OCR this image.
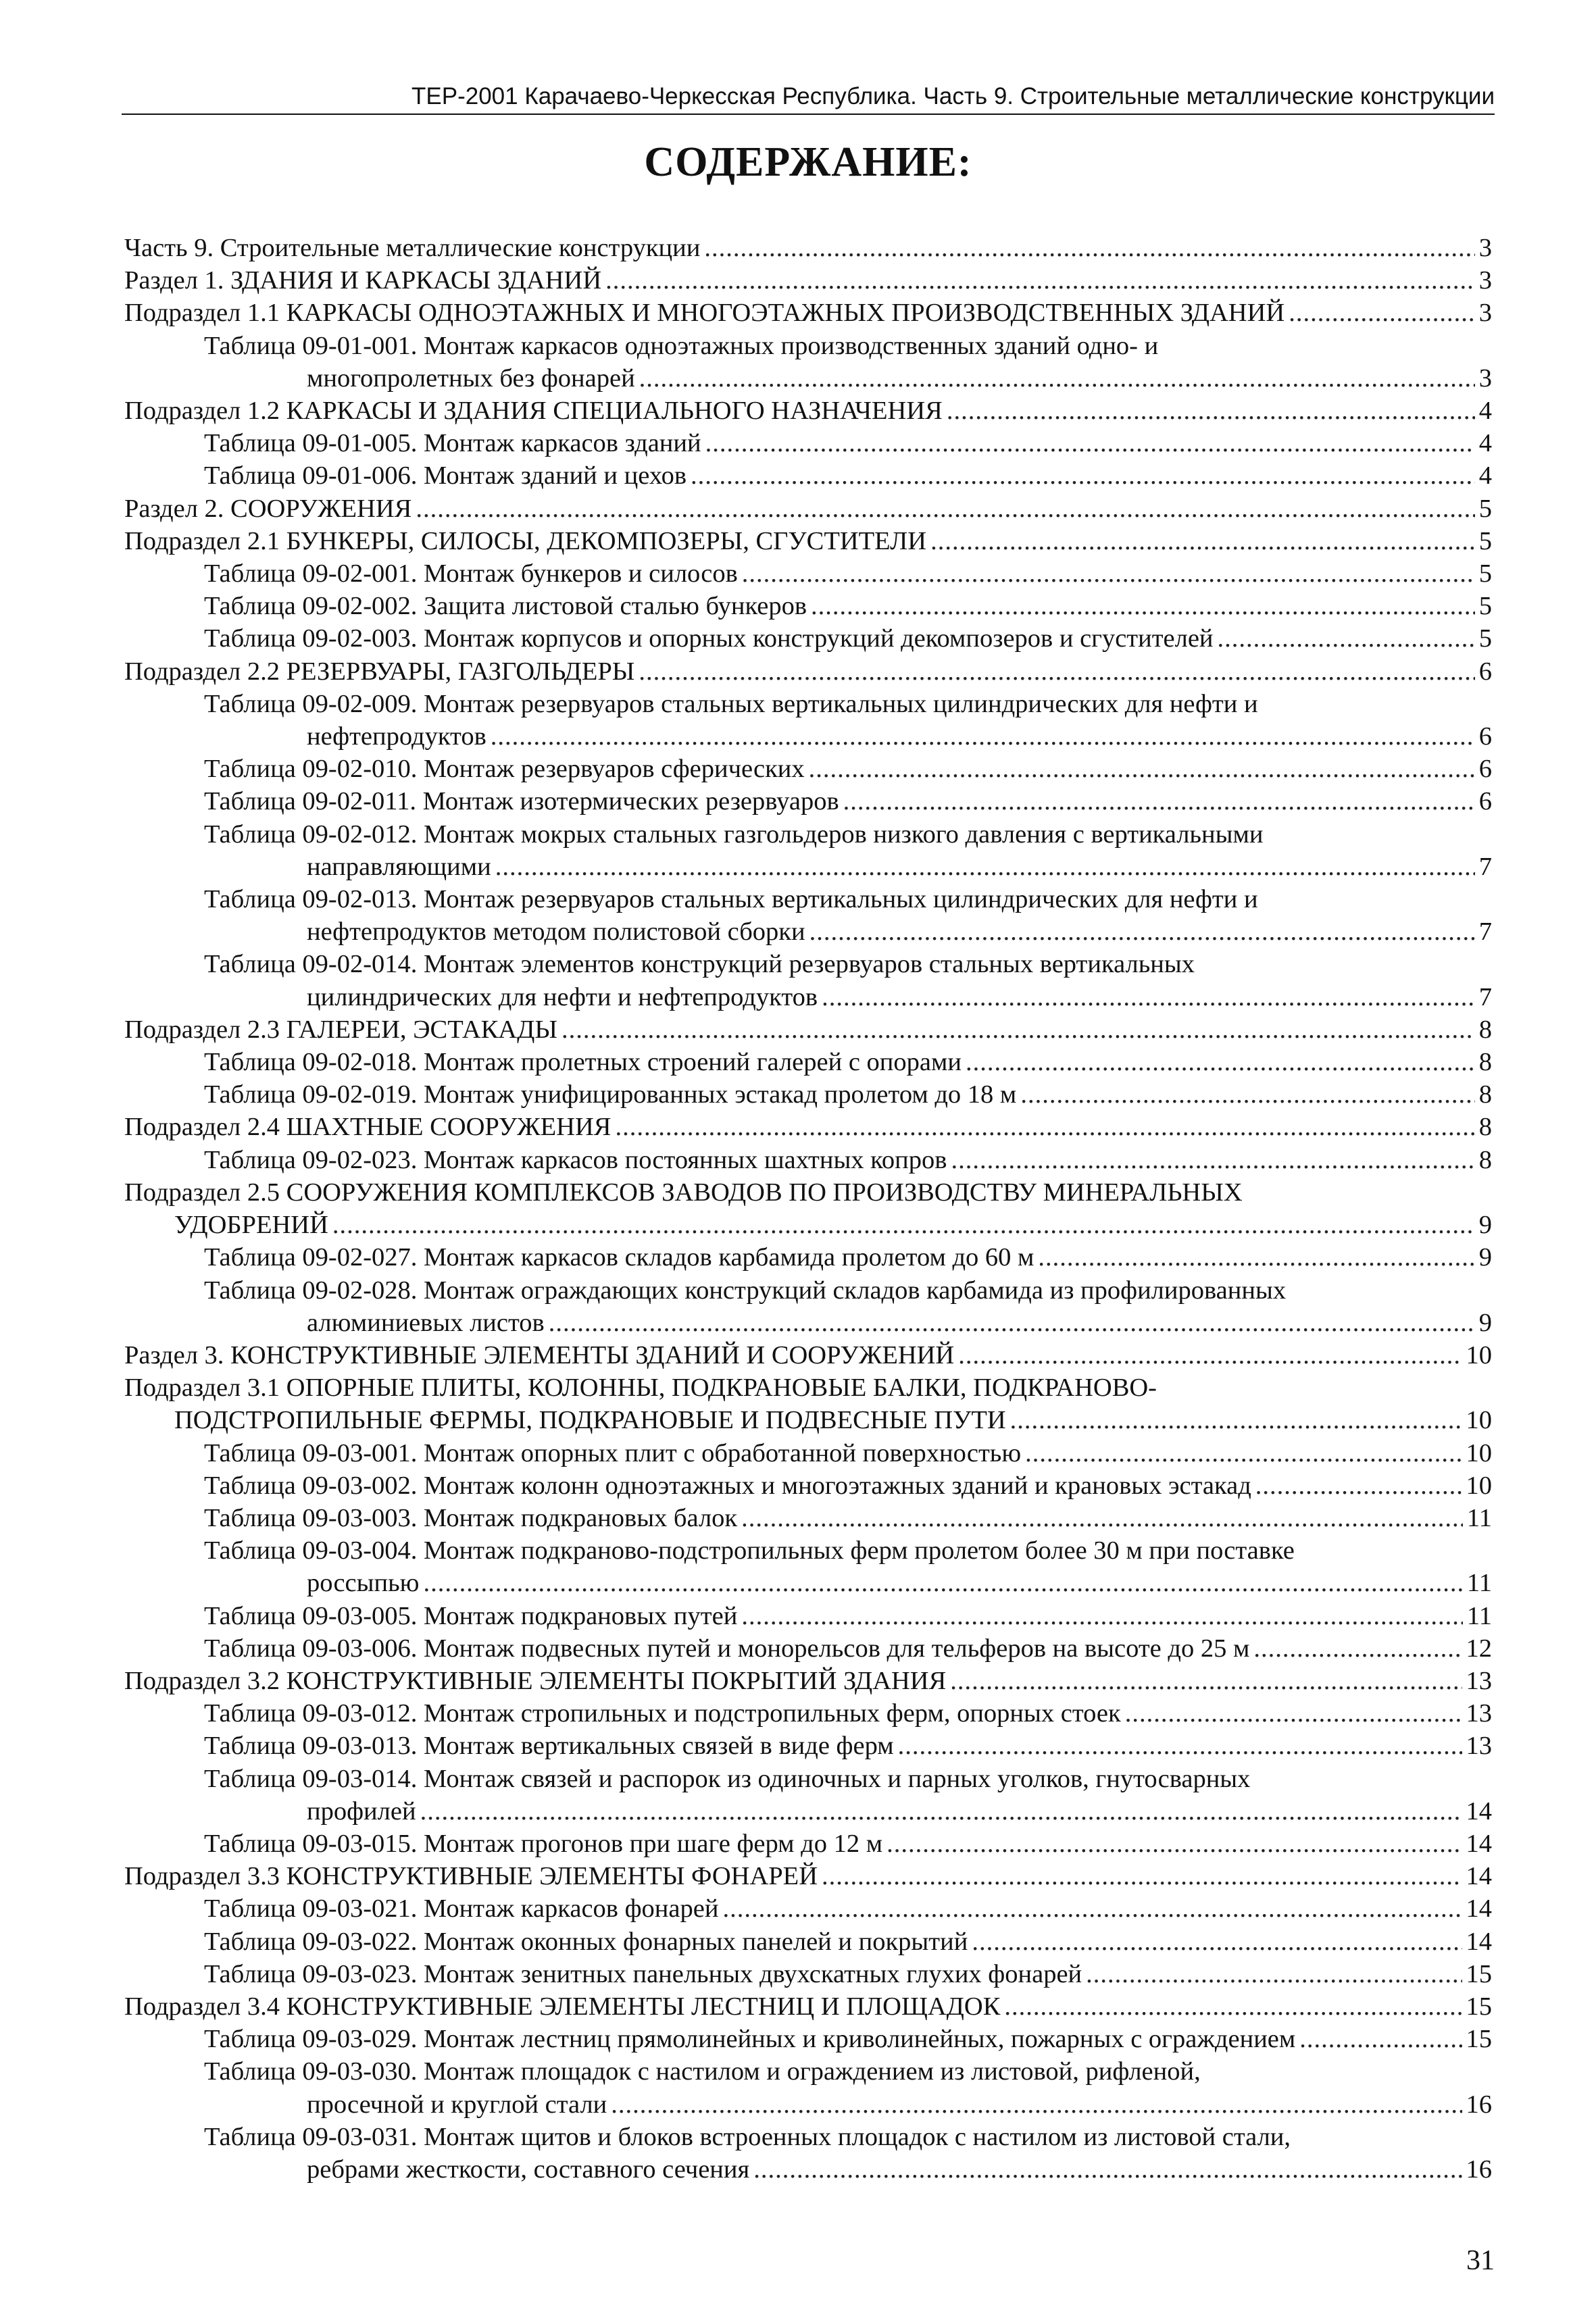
ТЕР-2001 Карачаево-Черкесская Республика. Часть 9. Строительные металлические конструкции
СОДЕРЖАНИЕ:
Часть 9. Строительные металлические конструкции .....	3
Раздел 1. ЗДАНИЯ И КАРКАСЫ ЗДАНИЙ .....	3
Подраздел 1.1 КАРКАСЫ ОДНОЭТАЖНЫХ И МНОГОЭТАЖНЫХ ПРОИЗВОДСТВЕННЫХ ЗДАНИЙ .....	3
Таблица 09-01-001. Монтаж каркасов одноэтажных производственных зданий одно- и
многопролетных без фонарей .....	3
Подраздел 1.2 КАРКАСЫ И ЗДАНИЯ СПЕЦИАЛЬНОГО НАЗНАЧЕНИЯ .....	4
Таблица 09-01-005. Монтаж каркасов зданий .....	4
Таблица 09-01-006. Монтаж зданий и цехов .....	4
Раздел 2. СООРУЖЕНИЯ .....	5
Подраздел 2.1 БУНКЕРЫ, СИЛОСЫ, ДЕКОМПОЗЕРЫ, СГУСТИТЕЛИ .....	5
Таблица 09-02-001. Монтаж бункеров и силосов .....	5
Таблица 09-02-002. Защита листовой сталью бункеров .....	5
Таблица 09-02-003. Монтаж корпусов и опорных конструкций декомпозеров и сгустителей .....	5
Подраздел 2.2 РЕЗЕРВУАРЫ, ГАЗГОЛЬДЕРЫ .....	6
Таблица 09-02-009. Монтаж резервуаров стальных вертикальных цилиндрических для нефти и
нефтепродуктов .....	6
Таблица 09-02-010. Монтаж резервуаров сферических .....	6
Таблица 09-02-011. Монтаж изотермических резервуаров .....	6
Таблица 09-02-012. Монтаж мокрых стальных газгольдеров низкого давления с вертикальными
направляющими .....	7
Таблица 09-02-013. Монтаж резервуаров стальных вертикальных цилиндрических для нефти и
нефтепродуктов методом полистовой сборки .....	7
Таблица 09-02-014. Монтаж элементов конструкций резервуаров стальных вертикальных
цилиндрических для нефти и нефтепродуктов .....	7
Подраздел 2.3 ГАЛЕРЕИ, ЭСТАКАДЫ .....	8
Таблица 09-02-018. Монтаж пролетных строений галерей с опорами .....	8
Таблица 09-02-019. Монтаж унифицированных эстакад пролетом до 18 м .....	8
Подраздел 2.4 ШАХТНЫЕ СООРУЖЕНИЯ .....	8
Таблица 09-02-023. Монтаж каркасов постоянных шахтных копров .....	8
Подраздел 2.5 СООРУЖЕНИЯ КОМПЛЕКСОВ ЗАВОДОВ ПО ПРОИЗВОДСТВУ МИНЕРАЛЬНЫХ
УДОБРЕНИЙ .....	9
Таблица 09-02-027. Монтаж каркасов складов карбамида пролетом до 60 м .....	9
Таблица 09-02-028. Монтаж ограждающих конструкций складов карбамида из профилированных
алюминиевых листов .....	9
Раздел 3. КОНСТРУКТИВНЫЕ ЭЛЕМЕНТЫ ЗДАНИЙ И СООРУЖЕНИЙ .....	10
Подраздел 3.1 ОПОРНЫЕ ПЛИТЫ, КОЛОННЫ, ПОДКРАНОВЫЕ БАЛКИ, ПОДКРАНОВО-
ПОДСТРОПИЛЬНЫЕ ФЕРМЫ, ПОДКРАНОВЫЕ И ПОДВЕСНЫЕ ПУТИ .....	10
Таблица 09-03-001. Монтаж опорных плит с обработанной поверхностью .....	10
Таблица 09-03-002. Монтаж колонн одноэтажных и многоэтажных зданий и крановых эстакад .....	10
Таблица 09-03-003. Монтаж подкрановых балок .....	11
Таблица 09-03-004. Монтаж подкраново-подстропильных ферм пролетом более 30 м при поставке
россыпью .....	11
Таблица 09-03-005. Монтаж подкрановых путей .....	11
Таблица 09-03-006. Монтаж подвесных путей и монорельсов для тельферов на высоте до 25 м .....	12
Подраздел 3.2 КОНСТРУКТИВНЫЕ ЭЛЕМЕНТЫ ПОКРЫТИЙ ЗДАНИЯ .....	13
Таблица 09-03-012. Монтаж стропильных и подстропильных ферм, опорных стоек .....	13
Таблица 09-03-013. Монтаж вертикальных связей в виде ферм .....	13
Таблица 09-03-014. Монтаж связей и распорок из одиночных и парных уголков, гнутосварных
профилей .....	14
Таблица 09-03-015. Монтаж прогонов при шаге ферм до 12 м .....	14
Подраздел 3.3 КОНСТРУКТИВНЫЕ ЭЛЕМЕНТЫ ФОНАРЕЙ .....	14
Таблица 09-03-021. Монтаж каркасов фонарей .....	14
Таблица 09-03-022. Монтаж оконных фонарных панелей и покрытий .....	14
Таблица 09-03-023. Монтаж зенитных панельных двухскатных глухих фонарей .....	15
Подраздел 3.4 КОНСТРУКТИВНЫЕ ЭЛЕМЕНТЫ ЛЕСТНИЦ И ПЛОЩАДОК .....	15
Таблица 09-03-029. Монтаж лестниц прямолинейных и криволинейных, пожарных с ограждением .....	15
Таблица 09-03-030. Монтаж площадок с настилом и ограждением из листовой, рифленой,
просечной и круглой стали .....	16
Таблица 09-03-031. Монтаж щитов и блоков встроенных площадок с настилом из листовой стали,
ребрами жесткости, составного сечения .....	16
31
